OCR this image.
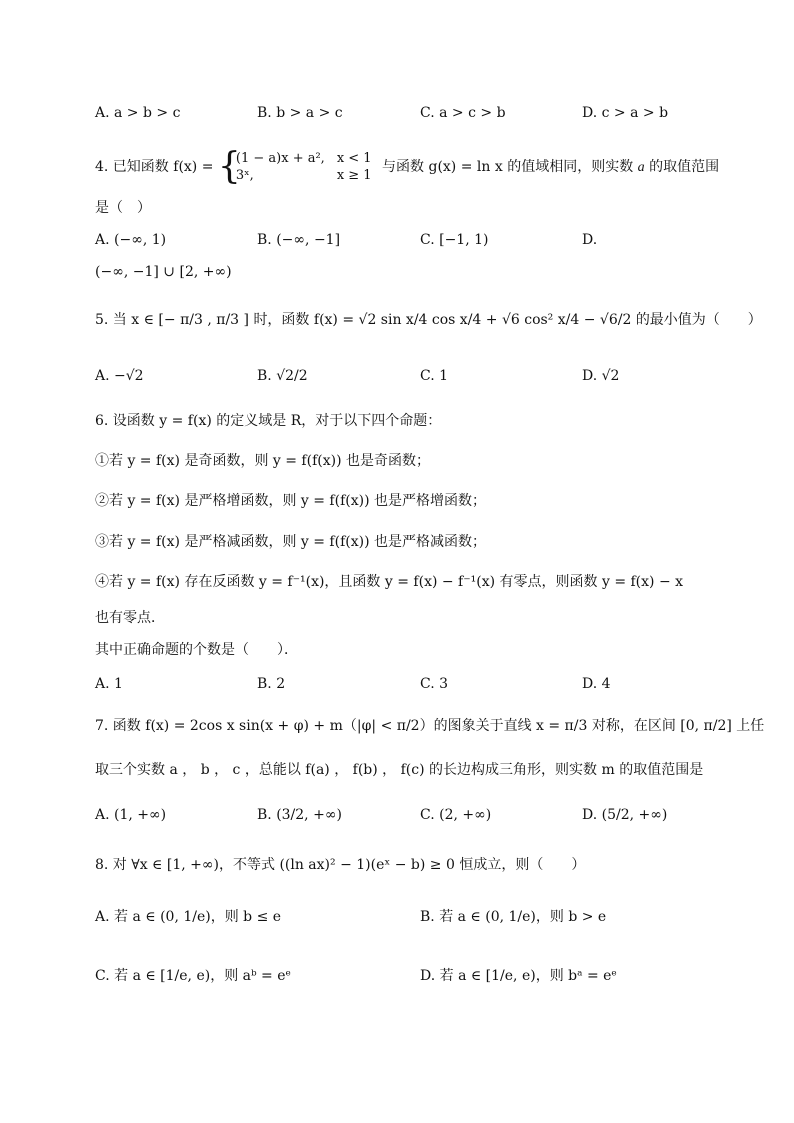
A. a > b > c	B. b > a > c	C. a > c > b	D. c > a > b
4. 已知函数 f(x) = {
(1 − a)x + a²,	x < 1
3ˣ,	x ≥ 1
与函数 g(x) = ln x 的值域相同，则实数 a 的取值范围
是（　）
A. (−∞, 1)	B. (−∞, −1]	C. [−1, 1)	D.
(−∞, −1] ∪ [2, +∞)
5. 当 x ∈ [− π/3 , π/3 ] 时，函数 f(x) = √2 sin x/4 cos x/4 + √6 cos² x/4 − √6/2 的最小值为（　　）
A. −√2	B. √2/2	C. 1	D. √2
6. 设函数 y = f(x) 的定义域是 R，对于以下四个命题：
①若 y = f(x) 是奇函数，则 y = f(f(x)) 也是奇函数；
②若 y = f(x) 是严格增函数，则 y = f(f(x)) 也是严格增函数；
③若 y = f(x) 是严格减函数，则 y = f(f(x)) 也是严格减函数；
④若 y = f(x) 存在反函数 y = f⁻¹(x)，且函数 y = f(x) − f⁻¹(x) 有零点，则函数 y = f(x) − x
也有零点．
其中正确命题的个数是（　　）．
A. 1	B. 2	C. 3	D. 4
7. 函数 f(x) = 2cos x sin(x + φ) + m（|φ| < π/2）的图象关于直线 x = π/3 对称，在区间 [0, π/2] 上任
取三个实数 a ， b ， c ，总能以 f(a) ， f(b) ， f(c) 的长边构成三角形，则实数 m 的取值范围是
A. (1, +∞)	B. (3/2, +∞)	C. (2, +∞)	D. (5/2, +∞)
8. 对 ∀x ∈ [1, +∞)，不等式 ((ln ax)² − 1)(eˣ − b) ≥ 0 恒成立，则（　　）
A. 若 a ∈ (0, 1/e)，则 b ≤ e	B. 若 a ∈ (0, 1/e)，则 b > e
C. 若 a ∈ [1/e, e)，则 aᵇ = eᵉ	D. 若 a ∈ [1/e, e)，则 bᵃ = eᵉ
